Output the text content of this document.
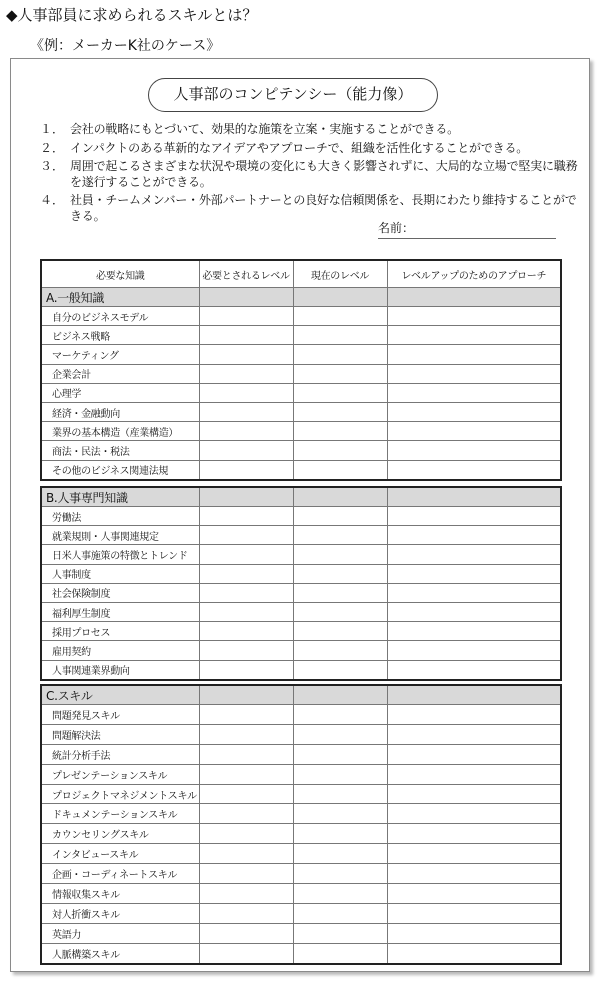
◆人事部員に求められるスキルとは？
《例：メーカーK社のケース》
人事部のコンピテンシー（能力像）
１． 会社の戦略にもとづいて、効果的な施策を立案・実施することができる。
２． インパクトのある革新的なアイデアやアプローチで、組織を活性化することができる。
３． 周囲で起こるさまざまな状況や環境の変化にも大きく影響されずに、大局的な立場で堅実に職務を遂行することができる。
４． 社員・チームメンバー・外部パートナーとの良好な信頼関係を、長期にわたり維持することができる。
名前：
必要な知識	必要とされるレベル	現在のレベル	レベルアップのためのアプローチ
A.一般知識			
自分のビジネスモデル			
ビジネス戦略			
マーケティング			
企業会計			
心理学			
経済・金融動向			
業界の基本構造（産業構造）			
商法・民法・税法			
その他のビジネス関連法規			
B.人事専門知識			
労働法			
就業規則・人事関連規定			
日米人事施策の特徴とトレンド			
人事制度			
社会保険制度			
福利厚生制度			
採用プロセス			
雇用契約			
人事関連業界動向			
C.スキル			
問題発見スキル			
問題解決法			
統計分析手法			
プレゼンテーションスキル			
プロジェクトマネジメントスキル			
ドキュメンテーションスキル			
カウンセリングスキル			
インタビュースキル			
企画・コーディネートスキル			
情報収集スキル			
対人折衝スキル			
英語力			
人脈構築スキル			
